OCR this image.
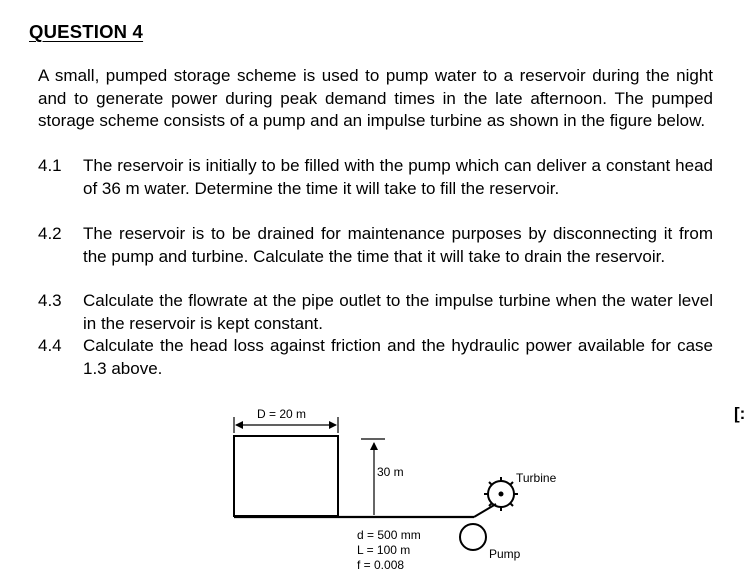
QUESTION 4
A small, pumped storage scheme is used to pump water to a reservoir during the night and to generate power during peak demand times in the late afternoon. The pumped storage scheme consists of a pump and an impulse turbine as shown in the figure below.
4.1 The reservoir is initially to be filled with the pump which can deliver a constant head of 36 m water. Determine the time it will take to fill the reservoir.
4.2 The reservoir is to be drained for maintenance purposes by disconnecting it from the pump and turbine. Calculate the time that it will take to drain the reservoir.
4.3 Calculate the flowrate at the pipe outlet to the impulse turbine when the water level in the reservoir is kept constant.
4.4 Calculate the head loss against friction and the hydraulic power available for case 1.3 above.
D = 20 m
30 m
Pump
Turbine
d = 500 mm
L = 100 m
f = 0.008
[:
